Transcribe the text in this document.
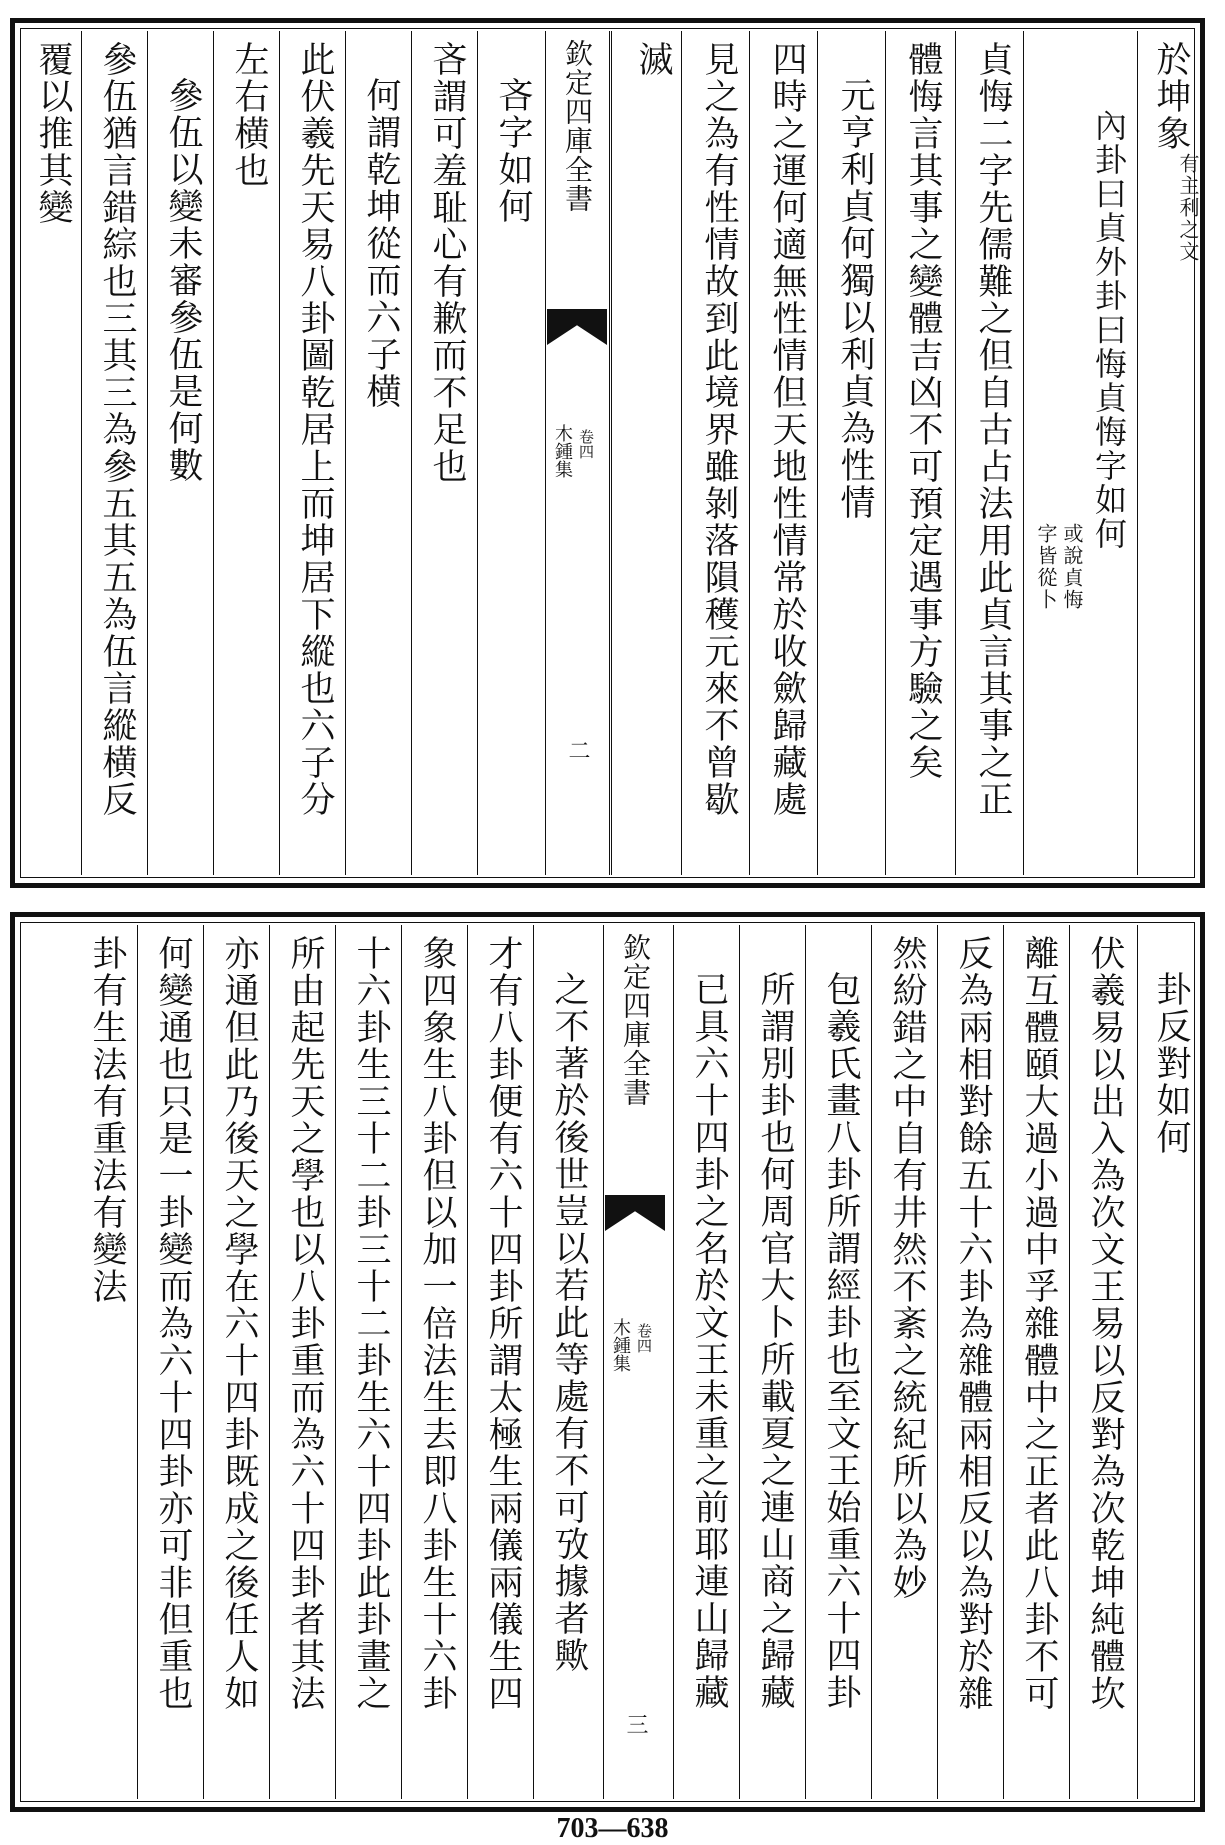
於坤象
有主利之文
內卦曰貞外卦曰悔貞悔字如何
或說貞悔
字皆從卜
貞悔二字先儒難之但自古占法用此貞言其事之正
體悔言其事之變體吉凶不可預定遇事方驗之矣
元亨利貞何獨以利貞為性情
四時之運何適無性情但天地性情常於收歛歸藏處
見之為有性情故到此境界雖剝落隕穫元來不曾歇
滅
欽定四庫全書
木鍾集 卷四
二
吝字如何
吝謂可羞耻心有歉而不足也
何謂乾坤從而六子横
此伏羲先天易八卦圖乾居上而坤居下縱也六子分
左右横也
參伍以變未審參伍是何數
參伍猶言錯綜也三其三為參五其五為伍言縱横反
覆以推其變
卦反對如何
伏羲易以出入為次文王易以反對為次乾坤純體坎
離互體頤大過小過中孚雜體中之正者此八卦不可
反為兩相對餘五十六卦為雜體兩相反以為對於雜
然紛錯之中自有井然不紊之統紀所以為妙
包羲氏畫八卦所謂經卦也至文王始重六十四卦
所謂別卦也何周官大卜所載夏之連山商之歸藏
已具六十四卦之名於文王未重之前耶連山歸藏
欽定四庫全書
木鍾集 卷四
三
之不著於後世豈以若此等處有不可攷據者歟
才有八卦便有六十四卦所謂太極生兩儀兩儀生四
象四象生八卦但以加一倍法生去即八卦生十六卦
十六卦生三十二卦三十二卦生六十四卦此卦畫之
所由起先天之學也以八卦重而為六十四卦者其法
亦通但此乃後天之學在六十四卦既成之後任人如
何變通也只是一卦變而為六十四卦亦可非但重也
卦有生法有重法有變法
703—638
